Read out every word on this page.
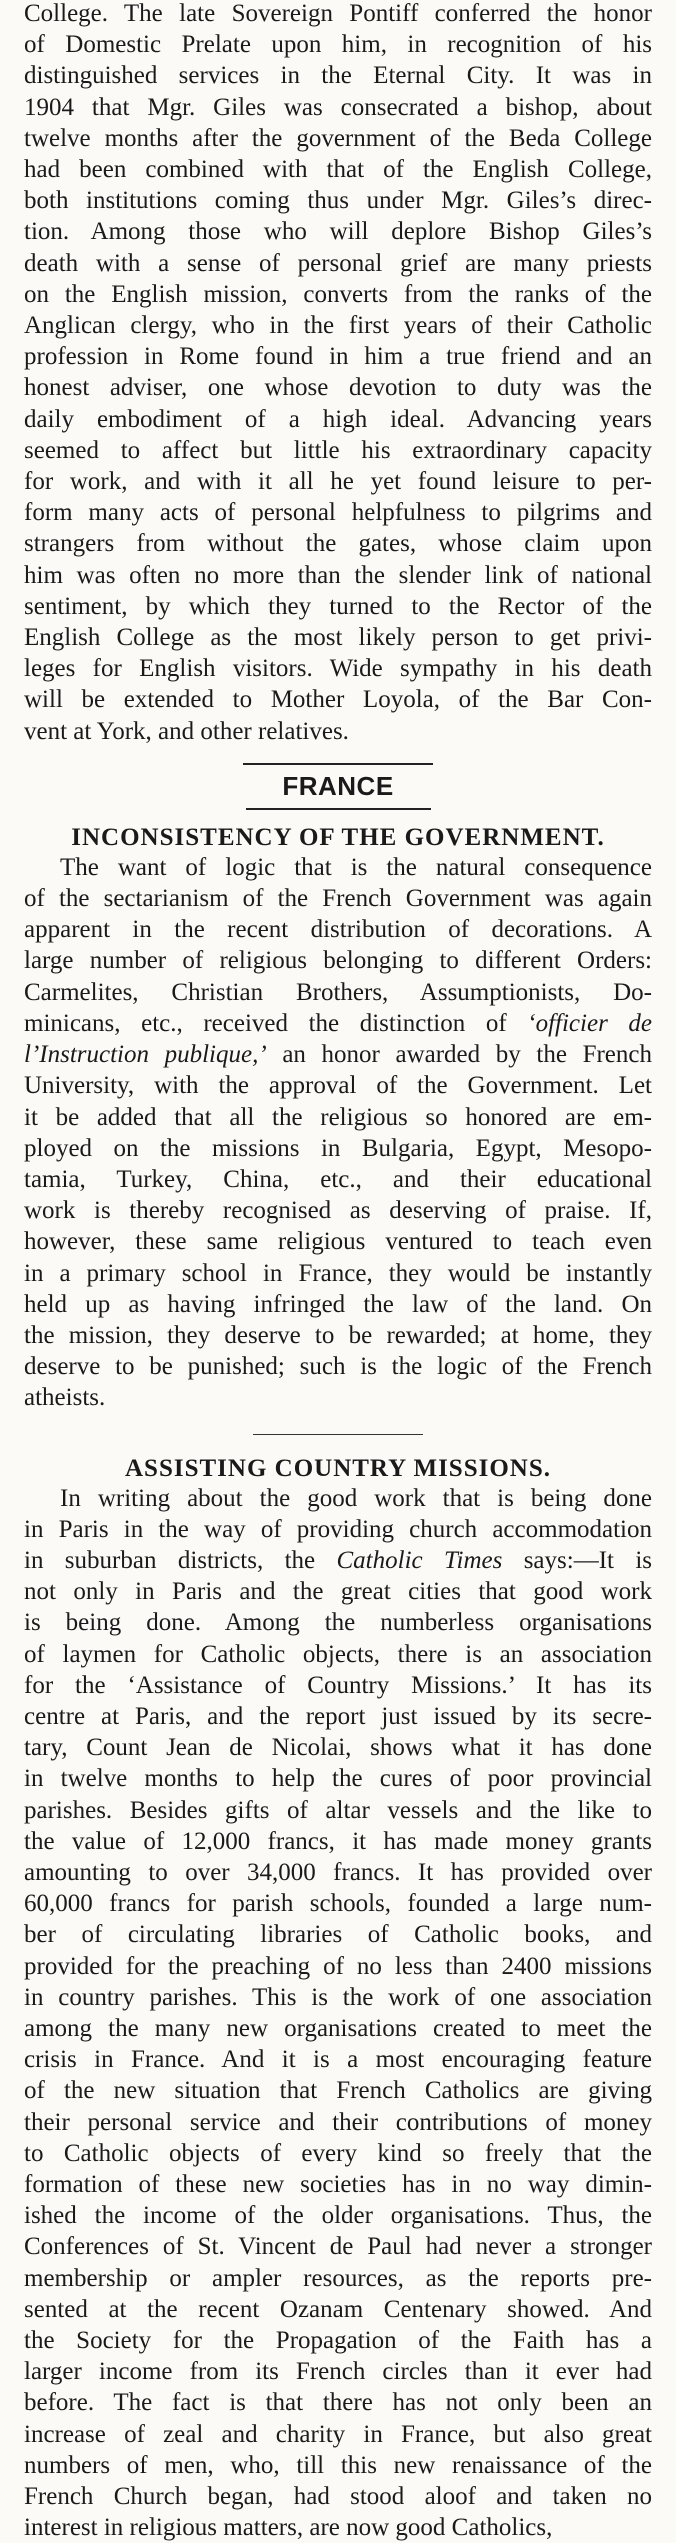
College. The late Sovereign Pontiff conferred the honor
of Domestic Prelate upon him, in recognition of his
distinguished services in the Eternal City. It was in
1904 that Mgr. Giles was consecrated a bishop, about
twelve months after the government of the Beda College
had been combined with that of the English College,
both institutions coming thus under Mgr. Giles’s direc-
tion. Among those who will deplore Bishop Giles’s
death with a sense of personal grief are many priests
on the English mission, converts from the ranks of the
Anglican clergy, who in the first years of their Catholic
profession in Rome found in him a true friend and an
honest adviser, one whose devotion to duty was the
daily embodiment of a high ideal. Advancing years
seemed to affect but little his extraordinary capacity
for work, and with it all he yet found leisure to per-
form many acts of personal helpfulness to pilgrims and
strangers from without the gates, whose claim upon
him was often no more than the slender link of national
sentiment, by which they turned to the Rector of the
English College as the most likely person to get privi-
leges for English visitors. Wide sympathy in his death
will be extended to Mother Loyola, of the Bar Con-
vent at York, and other relatives.

FRANCE
INCONSISTENCY OF THE GOVERNMENT.

The want of logic that is the natural consequence
of the sectarianism of the French Government was again
apparent in the recent distribution of decorations. A
large number of religious belonging to different Orders:
Carmelites, Christian Brothers, Assumptionists, Do-
minicans, etc., received the distinction of ‘officier de
l’Instruction publique,’ an honor awarded by the French
University, with the approval of the Government. Let
it be added that all the religious so honored are em-
ployed on the missions in Bulgaria, Egypt, Mesopo-
tamia, Turkey, China, etc., and their educational
work is thereby recognised as deserving of praise. If,
however, these same religious ventured to teach even
in a primary school in France, they would be instantly
held up as having infringed the law of the land. On
the mission, they deserve to be rewarded; at home, they
deserve to be punished; such is the logic of the French
atheists.

ASSISTING COUNTRY MISSIONS.

In writing about the good work that is being done
in Paris in the way of providing church accommodation
in suburban districts, the Catholic Times says:—It is
not only in Paris and the great cities that good work
is being done. Among the numberless organisations
of laymen for Catholic objects, there is an association
for the ‘Assistance of Country Missions.’ It has its
centre at Paris, and the report just issued by its secre-
tary, Count Jean de Nicolai, shows what it has done
in twelve months to help the cures of poor provincial
parishes. Besides gifts of altar vessels and the like to
the value of 12,000 francs, it has made money grants
amounting to over 34,000 francs. It has provided over
60,000 francs for parish schools, founded a large num-
ber of circulating libraries of Catholic books, and
provided for the preaching of no less than 2400 missions
in country parishes. This is the work of one association
among the many new organisations created to meet the
crisis in France. And it is a most encouraging feature
of the new situation that French Catholics are giving
their personal service and their contributions of money
to Catholic objects of every kind so freely that the
formation of these new societies has in no way dimin-
ished the income of the older organisations. Thus, the
Conferences of St. Vincent de Paul had never a stronger
membership or ampler resources, as the reports pre-
sented at the recent Ozanam Centenary showed. And
the Society for the Propagation of the Faith has a
larger income from its French circles than it ever had
before. The fact is that there has not only been an
increase of zeal and charity in France, but also great
numbers of men, who, till this new renaissance of the
French Church began, had stood aloof and taken no
interest in religious matters, are now good Catholics,
